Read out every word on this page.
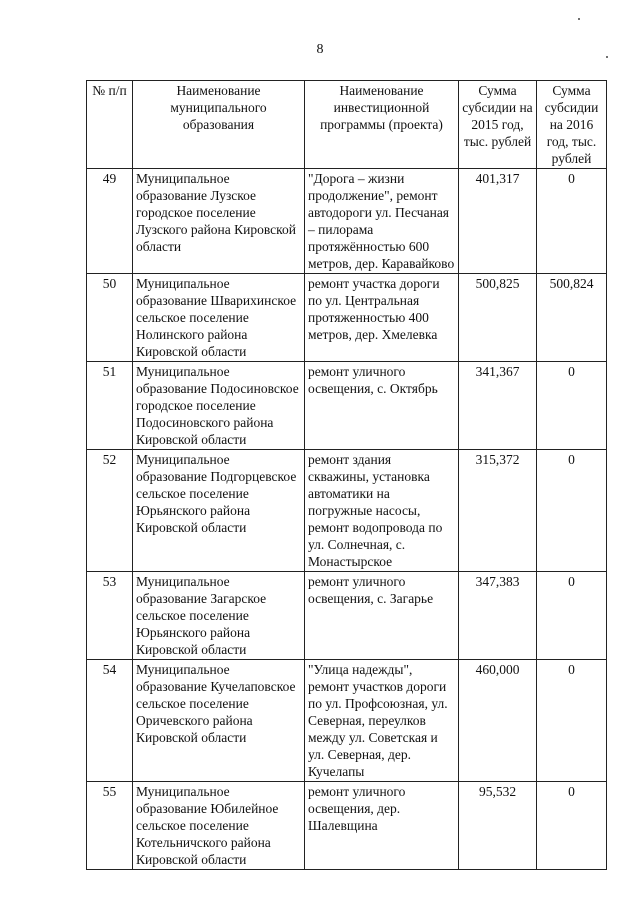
8
№ п/п	Наименование муниципального образования	Наименование инвестиционной программы (проекта)	Сумма субсидии на 2015 год, тыс. рублей	Сумма субсидии на 2016 год, тыс. рублей
49	Муниципальное образование Лузское городское поселение Лузского района Кировской области	"Дорога – жизни продолжение", ремонт автодороги ул. Песчаная – пилорама протяжённостью 600 метров, дер. Каравайково	401,317	0
50	Муниципальное образование Шварихинское сельское поселение Нолинского района Кировской области	ремонт участка дороги по ул. Центральная протяженностью 400 метров, дер. Хмелевка	500,825	500,824
51	Муниципальное образование Подосиновское городское поселение Подосиновского района Кировской области	ремонт уличного освещения, с. Октябрь	341,367	0
52	Муниципальное образование Подгорцевское сельское поселение Юрьянского района Кировской области	ремонт здания скважины, установка автоматики на погружные насосы, ремонт водопровода по ул. Солнечная, с. Монастырское	315,372	0
53	Муниципальное образование Загарское сельское поселение Юрьянского района Кировской области	ремонт уличного освещения, с. Загарье	347,383	0
54	Муниципальное образование Кучелаповское сельское поселение Оричевского района Кировской области	"Улица надежды", ремонт участков дороги по ул. Профсоюзная, ул. Северная, переулков между ул. Советская и ул. Северная, дер. Кучелапы	460,000	0
55	Муниципальное образование Юбилейное сельское поселение Котельничского района Кировской области	ремонт уличного освещения, дер. Шалевщина	95,532	0
